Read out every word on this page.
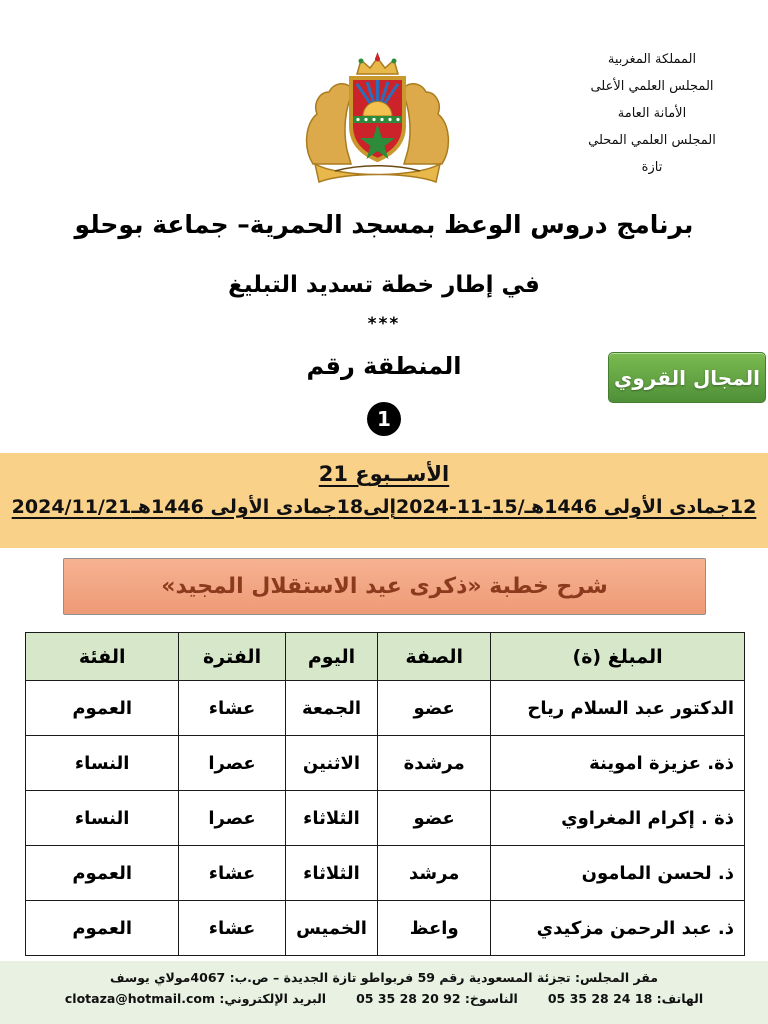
المملكة المغربية
المجلس العلمي الأعلى
الأمانة العامة
المجلس العلمي المحلي
تازة
برنامج دروس الوعظ بمسجد الحمرية– جماعة بوحلو
في إطار خطة تسديد التبليغ
***
المنطقة رقم
1
المجال القروي
الأســبوع 21
12جمادى الأولى 1446هـ/15-11-2024إلى18جمادى الأولى 1446هـ2024/11/21
شرح خطبة «ذكرى عيد الاستقلال المجيد»
المبلغ (ة)	الصفة	اليوم	الفترة	الفئة
الدكتور عبد السلام رياح	عضو	الجمعة	عشاء	العموم
ذة. عزيزة اموينة	مرشدة	الاثنين	عصرا	النساء
ذة . إكرام المغراوي	عضو	الثلاثاء	عصرا	النساء
ذ. لحسن المامون	مرشد	الثلاثاء	عشاء	العموم
ذ. عبد الرحمن مزكيدي	واعظ	الخميس	عشاء	العموم
مقر المجلس: تجزئة المسعودية رقم 59 فربواطو تازة الجديدة – ص.ب: 4067مولاي يوسف
الهاتف: 18 24 28 35 05
الناسوخ: 92 20 28 35 05
البريد الإلكتروني: clotaza@hotmail.com
